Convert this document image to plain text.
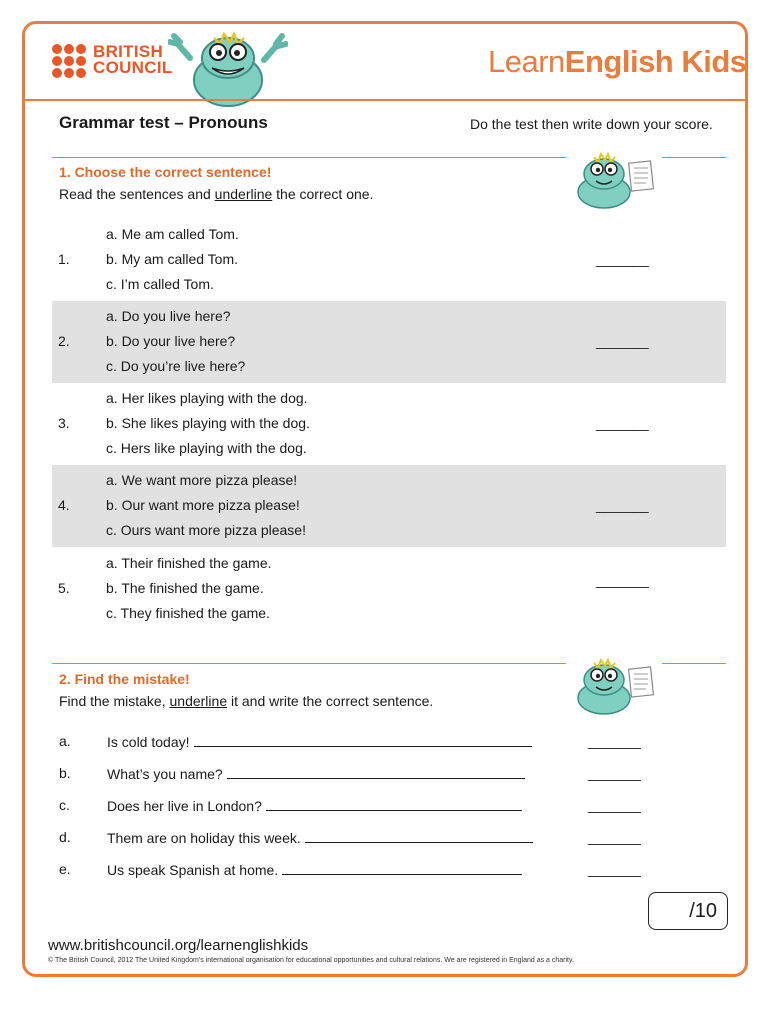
BRITISH
COUNCIL	LearnEnglish Kids
Grammar test – Pronouns	Do the test then write down your score.
1. Choose the correct sentence!
Read the sentences and underline the correct one.
1.
a. Me am called Tom.
b. My am called Tom.
c. I’m called Tom.
_______
2.
a. Do you live here?
b. Do your live here?
c. Do you’re live here?
_______
3.
a. Her likes playing with the dog.
b. She likes playing with the dog.
c. Hers like playing with the dog.
_______
4.
a. We want more pizza please!
b. Our want more pizza please!
c. Ours want more pizza please!
_______
5.
a. Their finished the game.
b. The finished the game.
c. They finished the game.
_______
2. Find the mistake!
Find the mistake, underline it and write the correct sentence.
a.	Is cold today!	_______
b.	What’s you name?	_______
c.	Does her live in London?	_______
d.	Them are on holiday this week.	_______
e.	Us speak Spanish at home.	_______
/10
www.britishcouncil.org/learnenglishkids
© The British Council, 2012 The United Kingdom’s international organisation for educational opportunities and cultural relations. We are registered in England as a charity.
